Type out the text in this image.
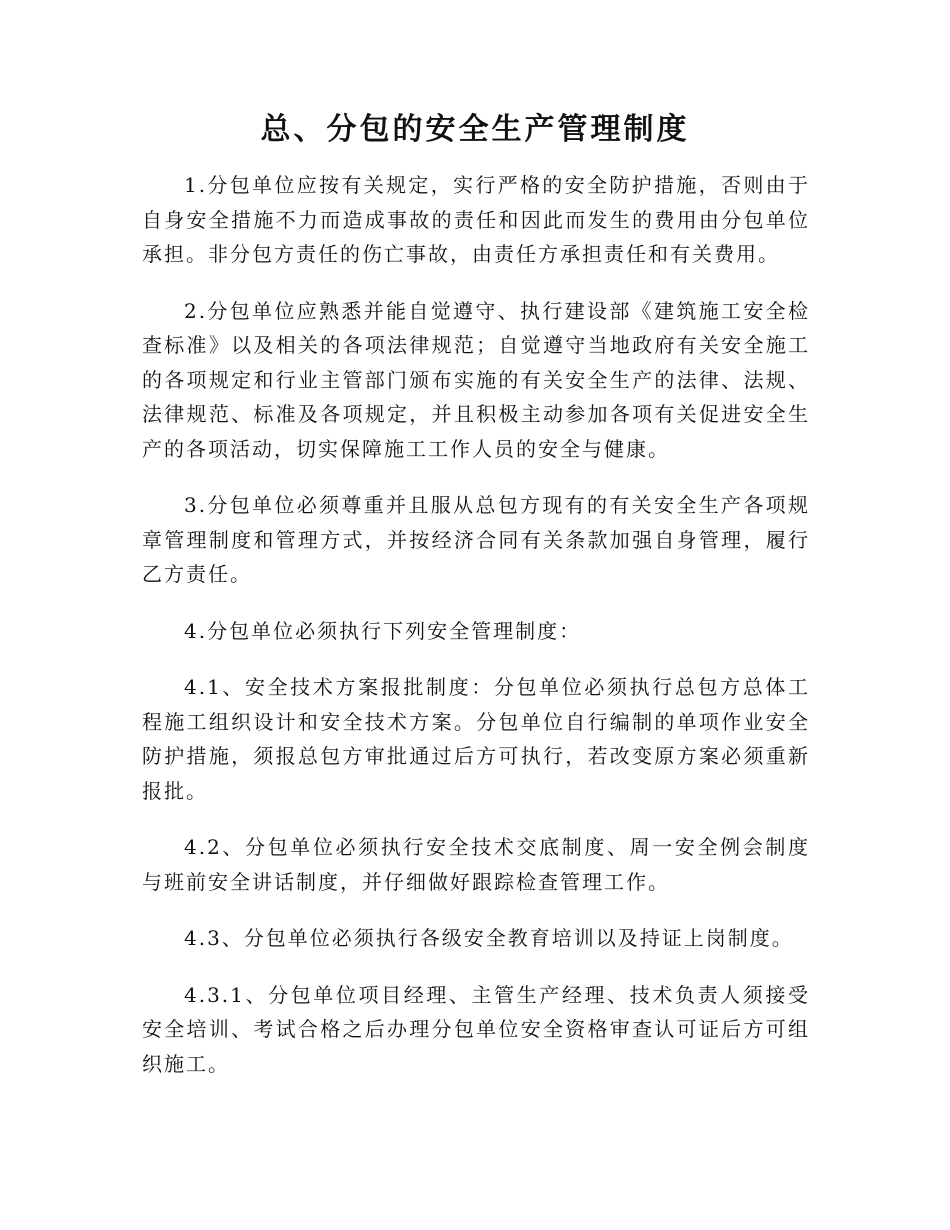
总、分包的安全生产管理制度

1.分包单位应按有关规定，实行严格的安全防护措施，否则由于自身安全措施不力而造成事故的责任和因此而发生的费用由分包单位承担。非分包方责任的伤亡事故，由责任方承担责任和有关费用。

2.分包单位应熟悉并能自觉遵守、执行建设部《建筑施工安全检查标准》以及相关的各项法律规范；自觉遵守当地政府有关安全施工的各项规定和行业主管部门颁布实施的有关安全生产的法律、法规、法律规范、标准及各项规定，并且积极主动参加各项有关促进安全生产的各项活动，切实保障施工工作人员的安全与健康。

3.分包单位必须尊重并且服从总包方现有的有关安全生产各项规章管理制度和管理方式，并按经济合同有关条款加强自身管理，履行乙方责任。

4.分包单位必须执行下列安全管理制度：

4.1、安全技术方案报批制度：分包单位必须执行总包方总体工程施工组织设计和安全技术方案。分包单位自行编制的单项作业安全防护措施，须报总包方审批通过后方可执行，若改变原方案必须重新报批。

4.2、分包单位必须执行安全技术交底制度、周一安全例会制度与班前安全讲话制度，并仔细做好跟踪检查管理工作。

4.3、分包单位必须执行各级安全教育培训以及持证上岗制度。

4.3.1、分包单位项目经理、主管生产经理、技术负责人须接受安全培训、考试合格之后办理分包单位安全资格审查认可证后方可组织施工。
